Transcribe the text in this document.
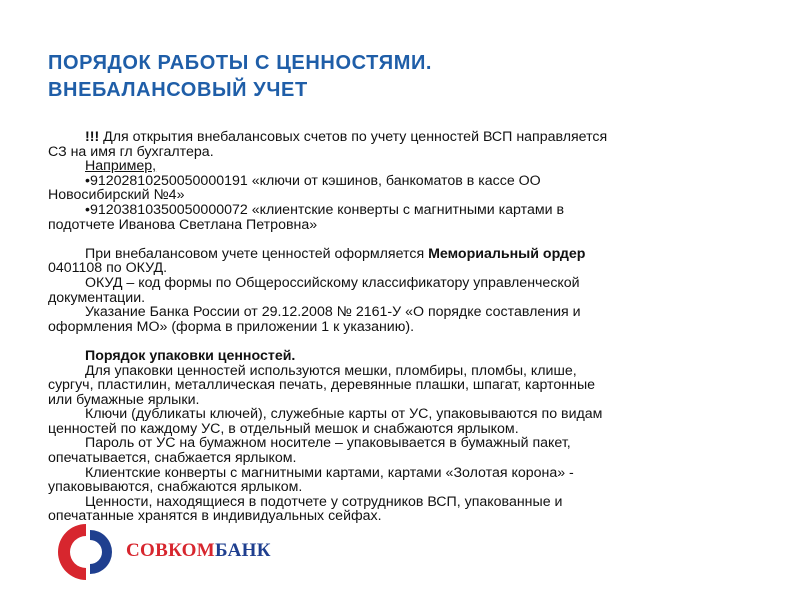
ПОРЯДОК РАБОТЫ С ЦЕННОСТЯМИ.
ВНЕБАЛАНСОВЫЙ УЧЕТ
!!! Для открытия внебалансовых счетов по учету ценностей ВСП направляется
СЗ на имя гл бухгалтера.
Например,
•91202810250050000191 «ключи от кэшинов, банкоматов в кассе ОО
Новосибирский №4»
•91203810350050000072 «клиентские конверты с магнитными картами в
подотчете Иванова Светлана Петровна»
При внебалансовом учете ценностей оформляется Мемориальный ордер
0401108 по ОКУД.
ОКУД – код формы по Общероссийскому классификатору управленческой
документации.
Указание Банка России от 29.12.2008 № 2161-У «О порядке составления и
оформления МО» (форма в приложении 1 к указанию).
Порядок упаковки ценностей.
Для упаковки ценностей используются мешки, пломбиры, пломбы, клише,
сургуч, пластилин, металлическая печать, деревянные плашки, шпагат, картонные
или бумажные ярлыки.
Ключи (дубликаты ключей), служебные карты от УС, упаковываются по видам
ценностей по каждому УС, в отдельный мешок и снабжаются ярлыком.
Пароль от УС на бумажном носителе – упаковывается в бумажный пакет,
опечатывается, снабжается ярлыком.
Клиентские конверты с магнитными картами, картами «Золотая корона» -
упаковываются, снабжаются ярлыком.
Ценности, находящиеся в подотчете у сотрудников ВСП, упакованные и
опечатанные хранятся в индивидуальных сейфах.
СОВКОМБАНК
